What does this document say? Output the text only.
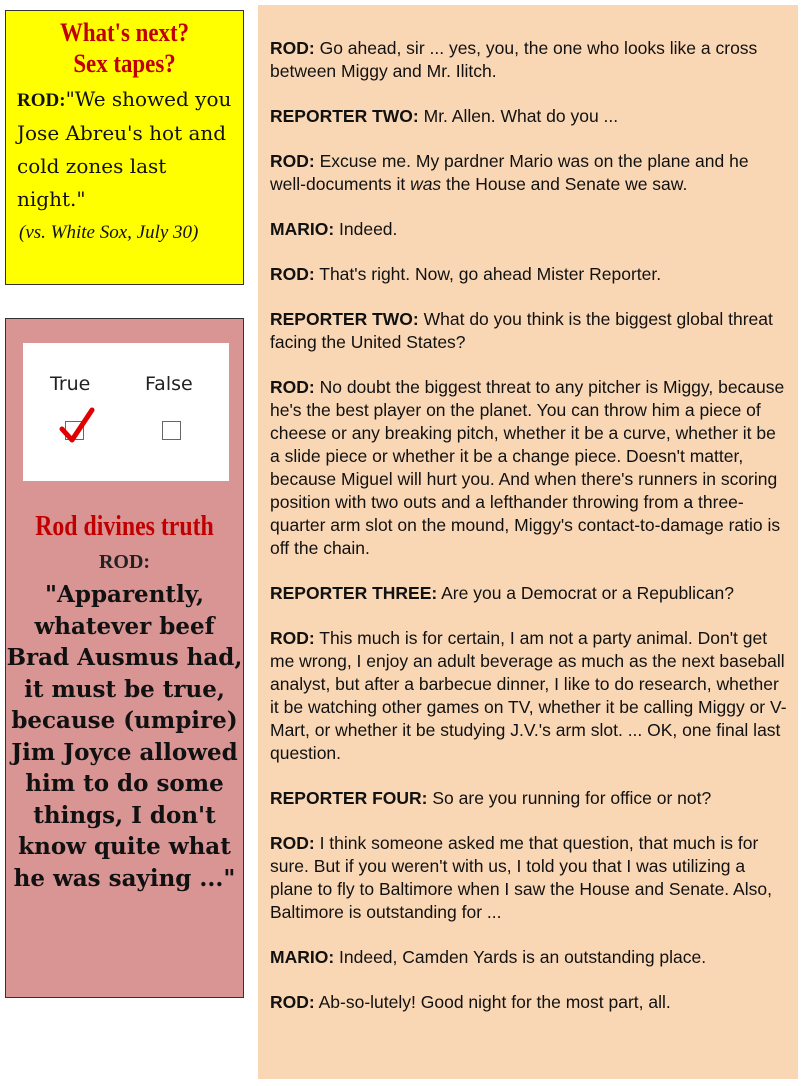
What's next?
Sex tapes?
ROD:"We showed you Jose Abreu's hot and cold zones last night."
(vs. White Sox, July 30)
True	False
Rod divines truth
ROD:
"Apparently, whatever beef Brad Ausmus had, it must be true, because (umpire) Jim Joyce allowed him to do some things, I don't know quite what he was saying ..."

ROD: Go ahead, sir ... yes, you, the one who looks like a cross between Miggy and Mr. Ilitch.

REPORTER TWO: Mr. Allen. What do you ...

ROD: Excuse me. My pardner Mario was on the plane and he well-documents it was the House and Senate we saw.

MARIO: Indeed.

ROD: That's right. Now, go ahead Mister Reporter.

REPORTER TWO: What do you think is the biggest global threat facing the United States?

ROD: No doubt the biggest threat to any pitcher is Miggy, because he's the best player on the planet. You can throw him a piece of cheese or any breaking pitch, whether it be a curve, whether it be a slide piece or whether it be a change piece. Doesn't matter, because Miguel will hurt you. And when there's runners in scoring position with two outs and a lefthander throwing from a three-quarter arm slot on the mound, Miggy's contact-to-damage ratio is off the chain.

REPORTER THREE: Are you a Democrat or a Republican?

ROD: This much is for certain, I am not a party animal. Don't get me wrong, I enjoy an adult beverage as much as the next baseball analyst, but after a barbecue dinner, I like to do research, whether it be watching other games on TV, whether it be calling Miggy or V-Mart, or whether it be studying J.V.'s arm slot. ... OK, one final last question.

REPORTER FOUR: So are you running for office or not?

ROD: I think someone asked me that question, that much is for sure. But if you weren't with us, I told you that I was utilizing a plane to fly to Baltimore when I saw the House and Senate. Also, Baltimore is outstanding for ...

MARIO: Indeed, Camden Yards is an outstanding place.

ROD: Ab-so-lutely! Good night for the most part, all.
